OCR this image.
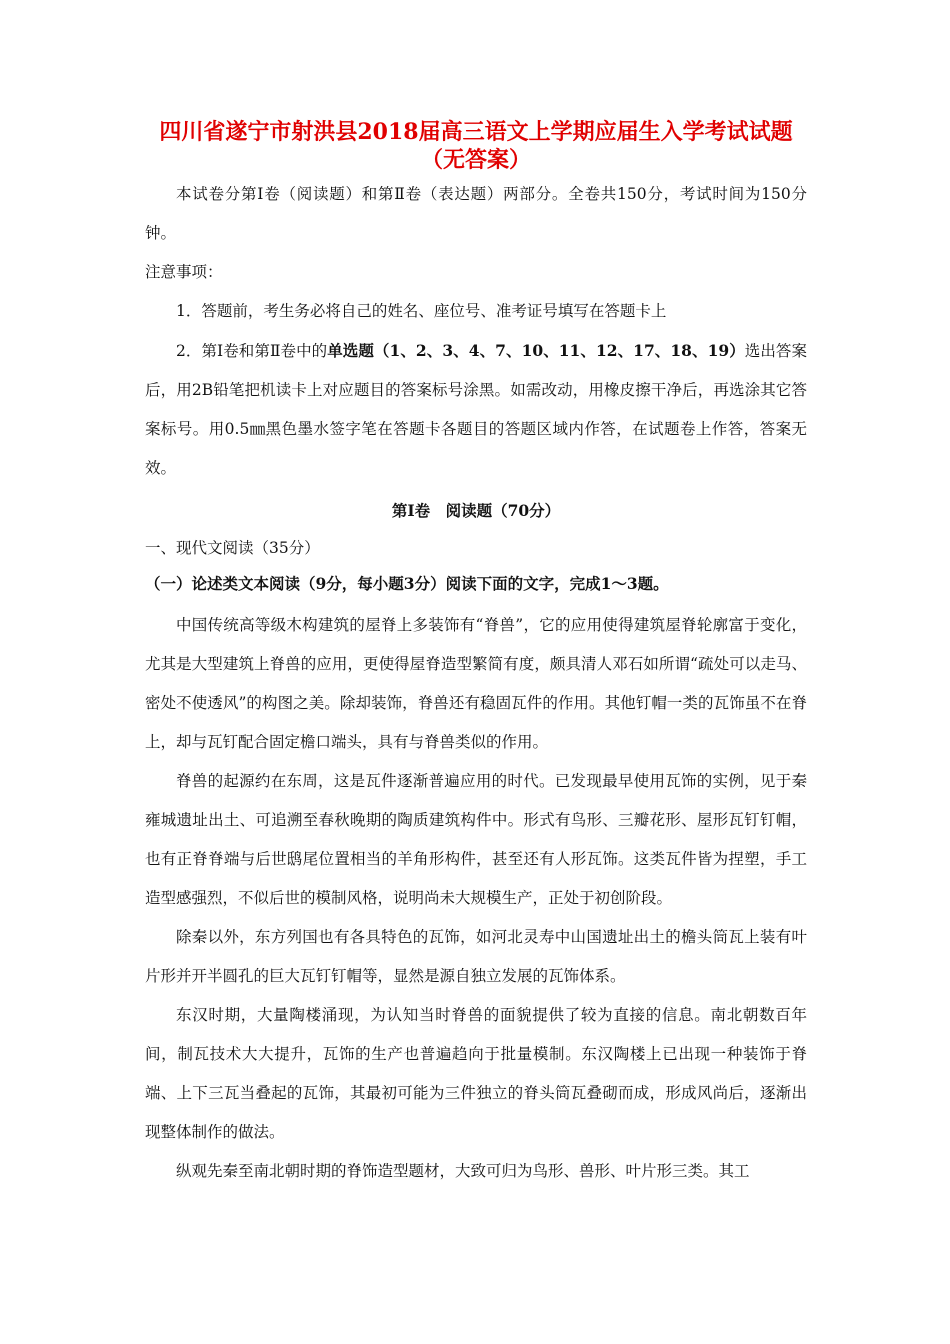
四川省遂宁市射洪县2018届高三语文上学期应届生入学考试试题

（无答案）

本试卷分第Ⅰ卷（阅读题）和第Ⅱ卷（表达题）两部分。全卷共150分，考试时间为150分钟。

注意事项：

1．答题前，考生务必将自己的姓名、座位号、准考证号填写在答题卡上

2．第Ⅰ卷和第Ⅱ卷中的单选题（1、2、3、4、7、10、11、12、17、18、19）选出答案后，用2B铅笔把机读卡上对应题目的答案标号涂黑。如需改动，用橡皮擦干净后，再选涂其它答案标号。用0.5㎜黑色墨水签字笔在答题卡各题目的答题区域内作答，在试题卷上作答，答案无效。

第Ⅰ卷　阅读题（70分）

一、现代文阅读（35分）

（一）论述类文本阅读（9分，每小题3分）阅读下面的文字，完成1～3题。

中国传统高等级木构建筑的屋脊上多装饰有“脊兽”，它的应用使得建筑屋脊轮廓富于变化，尤其是大型建筑上脊兽的应用，更使得屋脊造型繁简有度，颇具清人邓石如所谓“疏处可以走马、密处不使透风”的构图之美。除却装饰，脊兽还有稳固瓦件的作用。其他钉帽一类的瓦饰虽不在脊上，却与瓦钉配合固定檐口端头，具有与脊兽类似的作用。

脊兽的起源约在东周，这是瓦件逐渐普遍应用的时代。已发现最早使用瓦饰的实例，见于秦雍城遗址出土、可追溯至春秋晚期的陶质建筑构件中。形式有鸟形、三瓣花形、屋形瓦钉钉帽，也有正脊脊端与后世鸱尾位置相当的羊角形构件，甚至还有人形瓦饰。这类瓦件皆为捏塑，手工造型感强烈，不似后世的模制风格，说明尚未大规模生产，正处于初创阶段。

除秦以外，东方列国也有各具特色的瓦饰，如河北灵寿中山国遗址出土的檐头筒瓦上装有叶片形并开半圆孔的巨大瓦钉钉帽等，显然是源自独立发展的瓦饰体系。

东汉时期，大量陶楼涌现，为认知当时脊兽的面貌提供了较为直接的信息。南北朝数百年间，制瓦技术大大提升，瓦饰的生产也普遍趋向于批量模制。东汉陶楼上已出现一种装饰于脊端、上下三瓦当叠起的瓦饰，其最初可能为三件独立的脊头筒瓦叠砌而成，形成风尚后，逐渐出现整体制作的做法。

纵观先秦至南北朝时期的脊饰造型题材，大致可归为鸟形、兽形、叶片形三类。其工
